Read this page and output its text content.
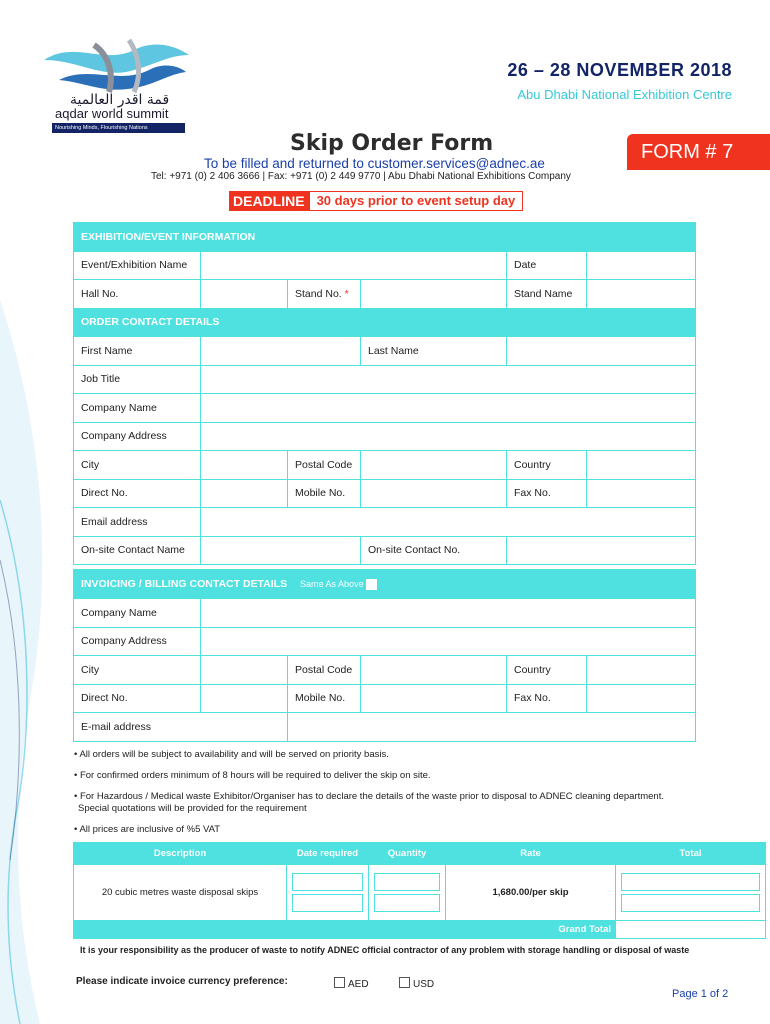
قمة اقدر العالمية
aqdar world summit
Nourishing Minds, Flourishing Nations
26 – 28 NOVEMBER 2018
Abu Dhabi National Exhibition Centre
Skip Order Form	FORM # 7
To be filled and returned to customer.services@adnec.ae
Tel: +971 (0) 2 406 3666 | Fax: +971 (0) 2 449 9770 | Abu Dhabi National Exhibitions Company
DEADLINE 30 days prior to event setup day
EXHIBITION/EVENT INFORMATION					
Event/Exhibition Name				Date	
Hall No.		Stand No. *		Stand Name	
ORDER CONTACT DETAILS					
First Name			Last Name		
Job Title					
Company Name					
Company Address					
City		Postal Code		Country	
Direct No.		Mobile No.		Fax No.	
Email address					
On-site Contact Name			On-site Contact No.		
INVOICING / BILLING CONTACT DETAILS Same As Above					
Company Name					
Company Address					
City		Postal Code		Country	
Direct No.		Mobile No.		Fax No.	
E-mail address					
• All orders will be subject to availability and will be served on priority basis.
• For confirmed orders minimum of 8 hours will be required to deliver the skip on site.
• For Hazardous / Medical waste Exhibitor/Organiser has to declare the details of the waste prior to disposal to ADNEC cleaning department.
Special quotations will be provided for the requirement
• All prices are inclusive of %5 VAT
Description	Date required	Quantity	Rate	Total
20 cubic metres waste disposal skips			1,680.00/per skip	

Grand Total				
It is your responsibility as the producer of waste to notify ADNEC official contractor of any problem with storage handling or disposal of waste
Please indicate invoice currency preference:	AED	USD
Page 1 of 2
